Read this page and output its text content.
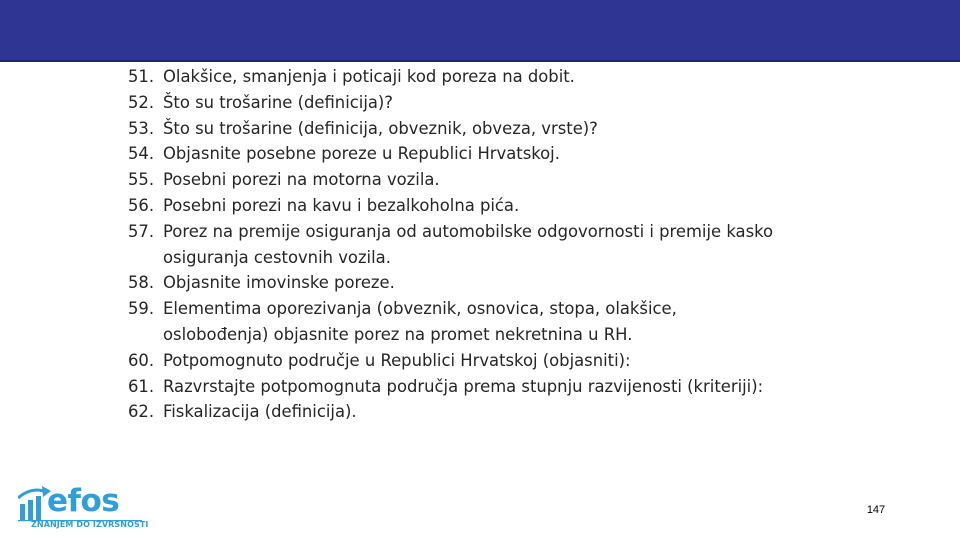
51. Olakšice, smanjenja i poticaji kod poreza na dobit.
52. Što su trošarine (definicija)?
53. Što su trošarine (definicija, obveznik, obveza, vrste)?
54. Objasnite posebne poreze u Republici Hrvatskoj.
55. Posebni porezi na motorna vozila.
56. Posebni porezi na kavu i bezalkoholna pića.
57. Porez na premije osiguranja od automobilske odgovornosti i premije kasko
osiguranja cestovnih vozila.
58. Objasnite imovinske poreze.
59. Elementima oporezivanja (obveznik, osnovica, stopa, olakšice,
oslobođenja) objasnite porez na promet nekretnina u RH.
60. Potpomognuto područje u Republici Hrvatskoj (objasniti):
61. Razvrstajte potpomognuta područja prema stupnju razvijenosti (kriteriji):
62. Fiskalizacija (definicija).
efos
ZNANJEM DO IZVRSNOSTI
147
